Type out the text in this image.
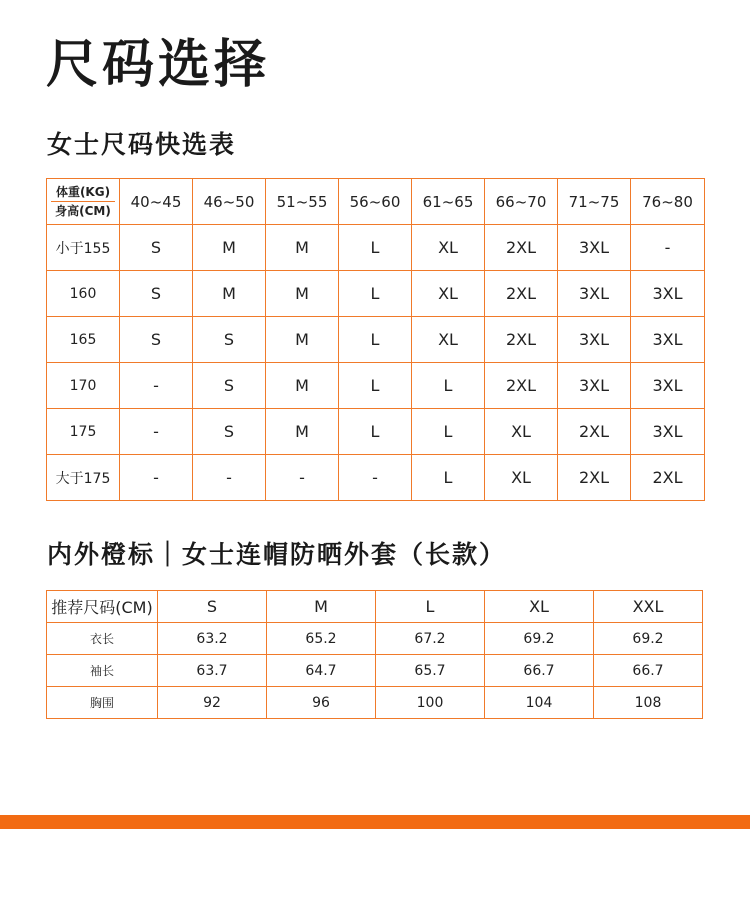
尺码选择
女士尺码快选表
体重(KG)
身高(CM)	40~45	46~50	51~55	56~60	61~65	66~70	71~75	76~80
小于155	S	M	M	L	XL	2XL	3XL	-
160	S	M	M	L	XL	2XL	3XL	3XL
165	S	S	M	L	XL	2XL	3XL	3XL
170	-	S	M	L	L	2XL	3XL	3XL
175	-	S	M	L	L	XL	2XL	3XL
大于175	-	-	-	-	L	XL	2XL	2XL
内外橙标｜女士连帽防晒外套（长款）
推荐尺码(CM)	S	M	L	XL	XXL
衣长	63.2	65.2	67.2	69.2	69.2
袖长	63.7	64.7	65.7	66.7	66.7
胸围	92	96	100	104	108
